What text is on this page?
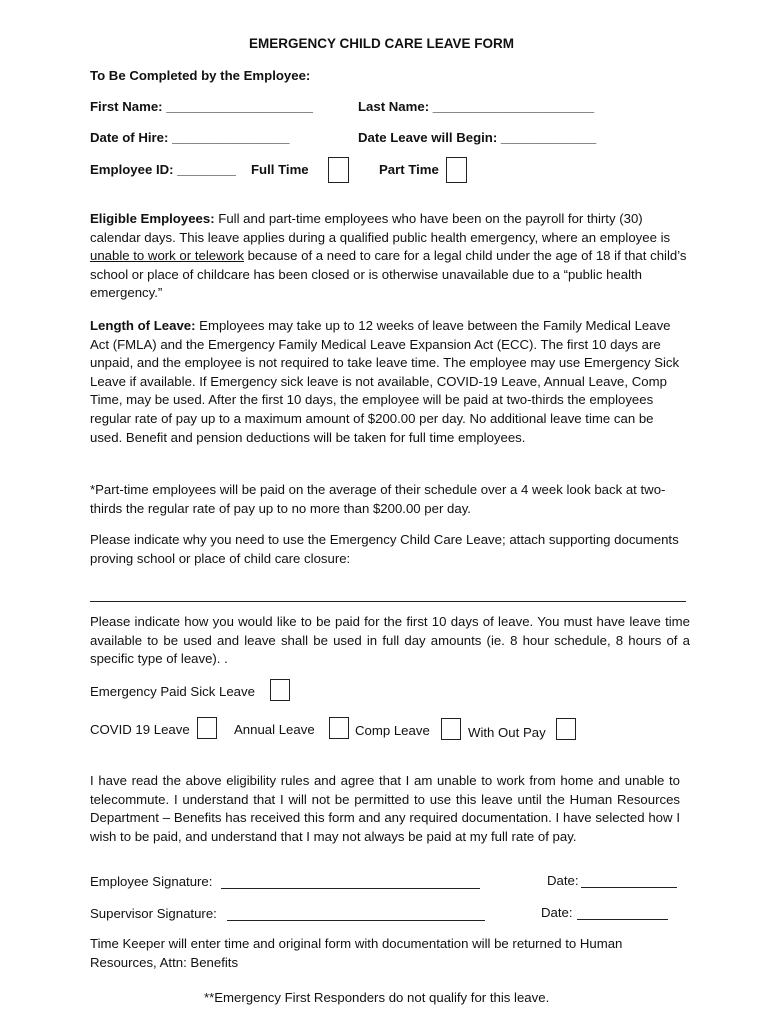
EMERGENCY CHILD CARE LEAVE FORM
To Be Completed by the Employee:
First Name: ____________________	Last Name: ______________________
Date of Hire: ________________	Date Leave will Begin: _____________
Employee ID: ________ Full Time	Part Time

Eligible Employees: Full and part-time employees who have been on the payroll for thirty (30) calendar days. This leave applies during a qualified public health emergency, where an employee is unable to work or telework because of a need to care for a legal child under the age of 18 if that child’s school or place of childcare has been closed or is otherwise unavailable due to a “public health emergency.”

Length of Leave: Employees may take up to 12 weeks of leave between the Family Medical Leave Act (FMLA) and the Emergency Family Medical Leave Expansion Act (ECC). The first 10 days are unpaid, and the employee is not required to take leave time. The employee may use Emergency Sick Leave if available. If Emergency sick leave is not available, COVID-19 Leave, Annual Leave, Comp Time, may be used. After the first 10 days, the employee will be paid at two-thirds the employees regular rate of pay up to a maximum amount of $200.00 per day. No additional leave time can be used. Benefit and pension deductions will be taken for full time employees.

*Part-time employees will be paid on the average of their schedule over a 4 week look back at two-thirds the regular rate of pay up to no more than $200.00 per day.
Please indicate why you need to use the Emergency Child Care Leave; attach supporting documents proving school or place of child care closure:
Please indicate how you would like to be paid for the first 10 days of leave. You must have leave time available to be used and leave shall be used in full day amounts (ie. 8 hour schedule, 8 hours of a specific type of leave). .
Emergency Paid Sick Leave
COVID 19 Leave	Annual Leave	Comp Leave	With Out Pay
I have read the above eligibility rules and agree that I am unable to work from home and unable to telecommute. I understand that I will not be permitted to use this leave until the Human Resources Department – Benefits has received this form and any required documentation. I have selected how I wish to be paid, and understand that I may not always be paid at my full rate of pay.
Employee Signature:	Date:
Supervisor Signature:	Date:
Time Keeper will enter time and original form with documentation will be returned to Human Resources, Attn: Benefits
**Emergency First Responders do not qualify for this leave.
